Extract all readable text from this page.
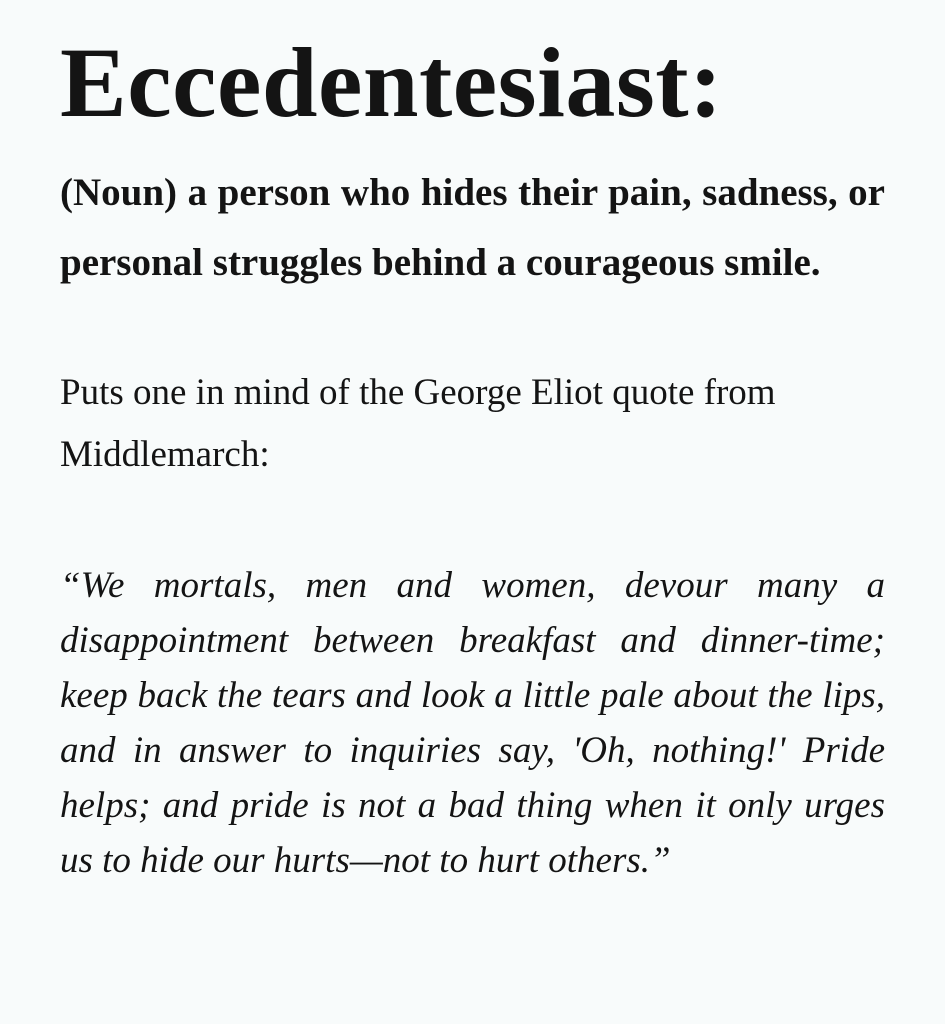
Eccedentesiast:

(Noun) a person who hides their pain, sadness, or personal struggles behind a courageous smile.

Puts one in mind of the George Eliot quote from Middlemarch:

“We mortals, men and women, devour many a disappointment between breakfast and dinner-time; keep back the tears and look a little pale about the lips, and in answer to inquiries say, 'Oh, nothing!' Pride helps; and pride is not a bad thing when it only urges us to hide our hurts—not to hurt others.”
